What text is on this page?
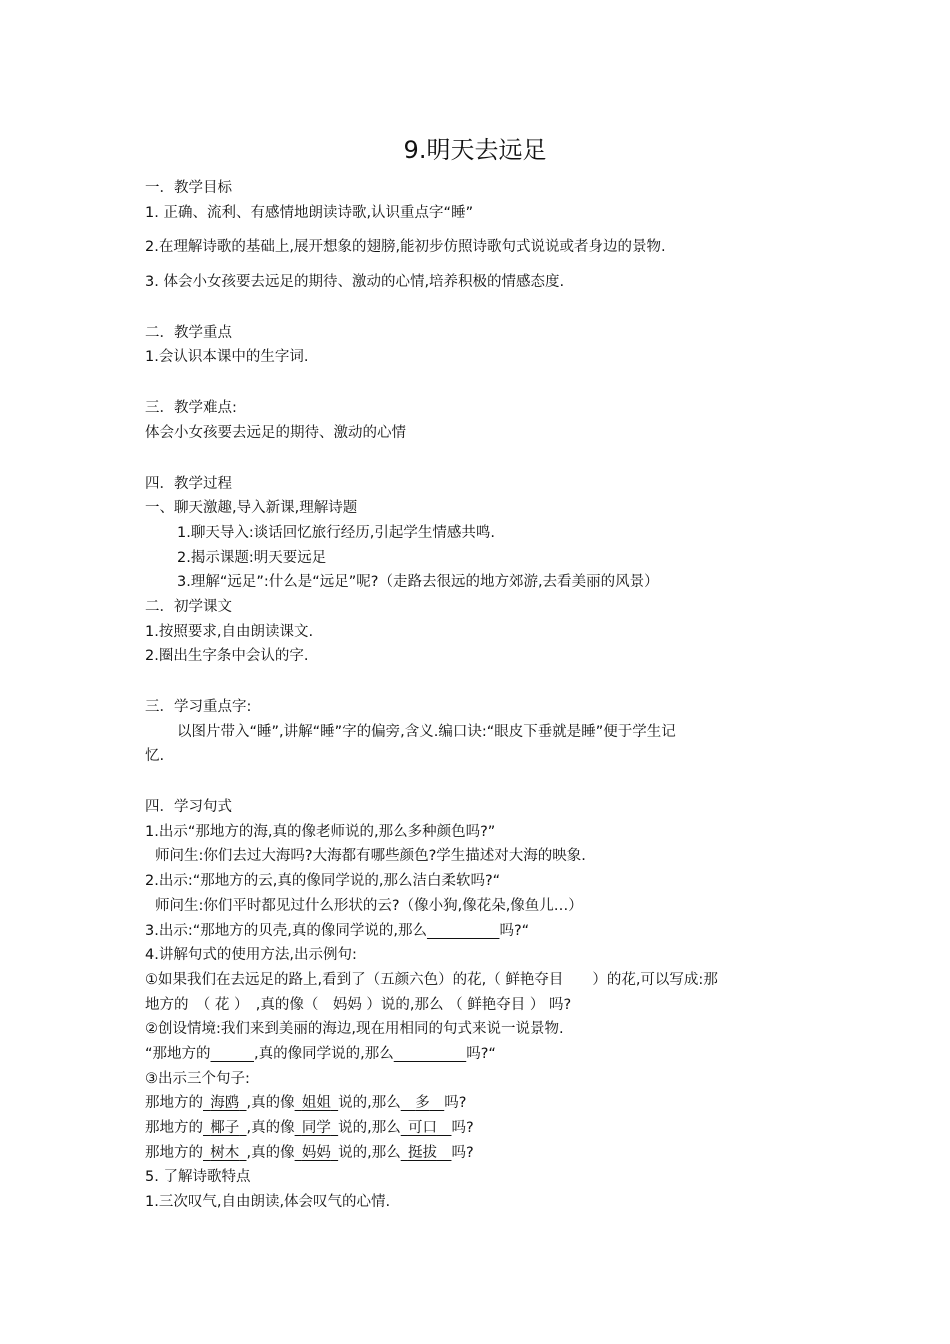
9.明天去远足
一．教学目标
1. 正确、流利、有感情地朗读诗歌,认识重点字“睡”
2.在理解诗歌的基础上,展开想象的翅膀,能初步仿照诗歌句式说说或者身边的景物.
3. 体会小女孩要去远足的期待、激动的心情,培养积极的情感态度.
二．教学重点
1.会认识本课中的生字词.
三．教学难点:
体会小女孩要去远足的期待、激动的心情
四．教学过程
一、聊天激趣,导入新课,理解诗题
1.聊天导入:谈话回忆旅行经历,引起学生情感共鸣.
2.揭示课题:明天要远足
3.理解“远足”:什么是“远足”呢?（走路去很远的地方郊游,去看美丽的风景）
二．初学课文
1.按照要求,自由朗读课文.
2.圈出生字条中会认的字.
三．学习重点字:
以图片带入“睡”,讲解“睡”字的偏旁,含义.编口诀:“眼皮下垂就是睡”便于学生记
忆.
四．学习句式
1.出示“那地方的海,真的像老师说的,那么多种颜色吗?”
师问生:你们去过大海吗?大海都有哪些颜色?学生描述对大海的映象.
2.出示:“那地方的云,真的像同学说的,那么洁白柔软吗?“
师问生:你们平时都见过什么形状的云?（像小狗,像花朵,像鱼儿…）
3.出示:“那地方的贝壳,真的像同学说的,那么　　　　　	吗?“
4.讲解句式的使用方法,出示例句:
①如果我们在去远足的路上,看到了（五颜六色）的花,（ 鲜艳夺目　　 ）的花,可以写成:那
地方的　（ 花 ）　,真的像（　妈妈 ）说的,那么 （ 鲜艳夺目 ） 吗?
②创设情境:我们来到美丽的海边,现在用相同的句式来说一说景物.
“那地方的　　　	,真的像同学说的,那么　　　　　	吗?“
③出示三个句子:
那地方的  海鸥  ,真的像  姐姐  说的,那么   多   吗?
那地方的  椰子  ,真的像  同学  说的,那么  可口   吗?
那地方的  树木  ,真的像  妈妈  说的,那么  挺拔   吗?
5. 了解诗歌特点
1.三次叹气,自由朗读,体会叹气的心情.
